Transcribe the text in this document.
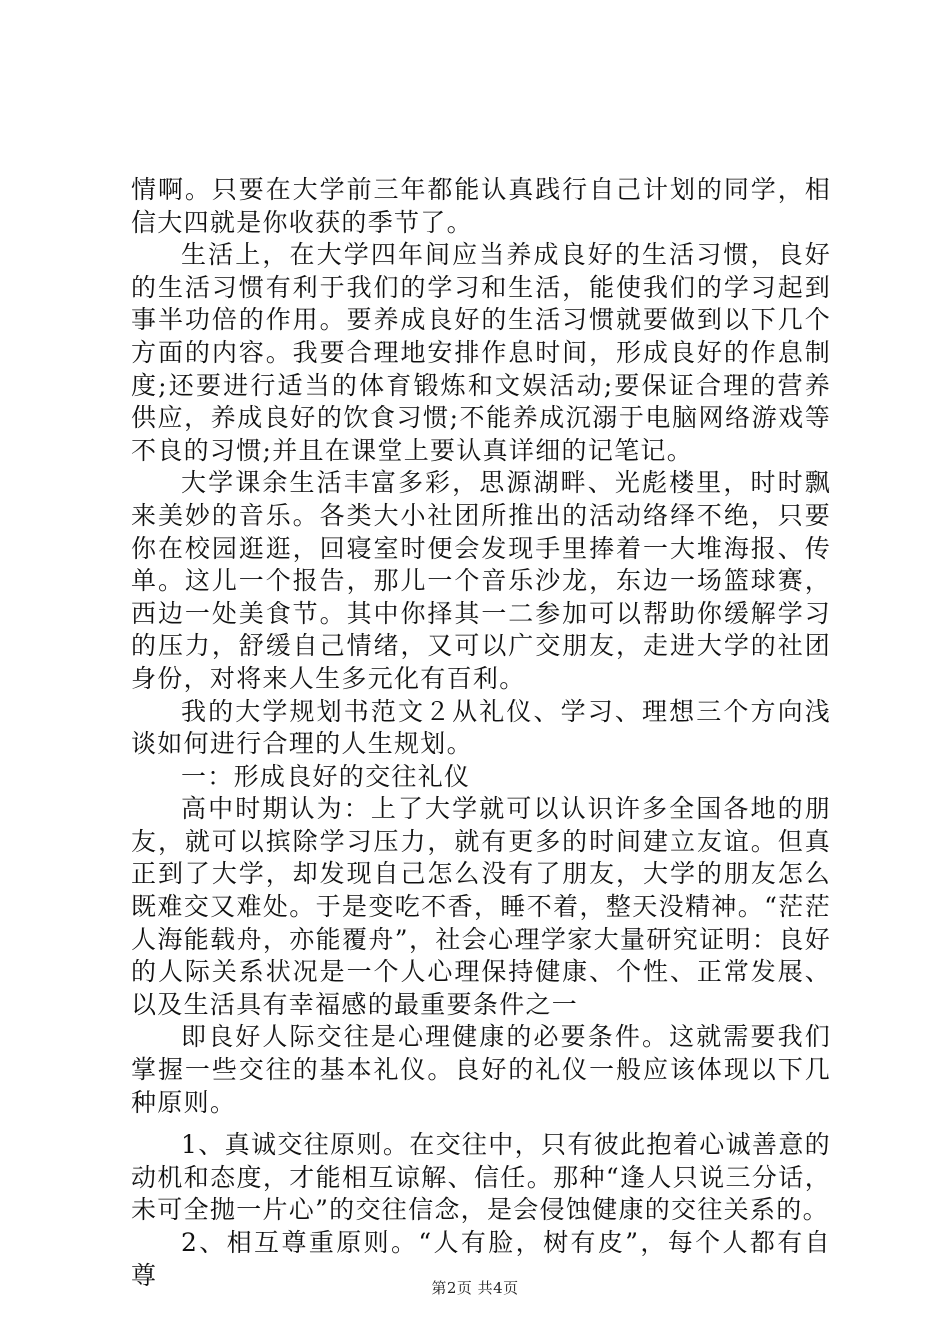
情啊。只要在大学前三年都能认真践行自己计划的同学，相信大四就是你收获的季节了。

生活上，在大学四年间应当养成良好的生活习惯，良好的生活习惯有利于我们的学习和生活，能使我们的学习起到事半功倍的作用。要养成良好的生活习惯就要做到以下几个方面的内容。我要合理地安排作息时间，形成良好的作息制度;还要进行适当的体育锻炼和文娱活动;要保证合理的营养供应，养成良好的饮食习惯;不能养成沉溺于电脑网络游戏等不良的习惯;并且在课堂上要认真详细的记笔记。

大学课余生活丰富多彩，思源湖畔、光彪楼里，时时飘来美妙的音乐。各类大小社团所推出的活动络绎不绝，只要你在校园逛逛，回寝室时便会发现手里捧着一大堆海报、传单。这儿一个报告，那儿一个音乐沙龙，东边一场篮球赛，西边一处美食节。其中你择其一二参加可以帮助你缓解学习的压力，舒缓自己情绪，又可以广交朋友，走进大学的社团身份，对将来人生多元化有百利。

我的大学规划书范文２从礼仪、学习、理想三个方向浅谈如何进行合理的人生规划。

一：形成良好的交往礼仪

高中时期认为：上了大学就可以认识许多全国各地的朋友，就可以摈除学习压力，就有更多的时间建立友谊。但真正到了大学，却发现自己怎么没有了朋友，大学的朋友怎么既难交又难处。于是变吃不香，睡不着，整天没精神。“茫茫人海能载舟，亦能覆舟”，社会心理学家大量研究证明：良好的人际关系状况是一个人心理保持健康、个性、正常发展、以及生活具有幸福感的最重要条件之一

即良好人际交往是心理健康的必要条件。这就需要我们掌握一些交往的基本礼仪。良好的礼仪一般应该体现以下几种原则。

1、真诚交往原则。在交往中，只有彼此抱着心诚善意的动机和态度，才能相互谅解、信任。那种“逢人只说三分话，未可全抛一片心”的交往信念，是会侵蚀健康的交往关系的。

2、相互尊重原则。“人有脸，树有皮”，每个人都有自尊	第2页 共4页
